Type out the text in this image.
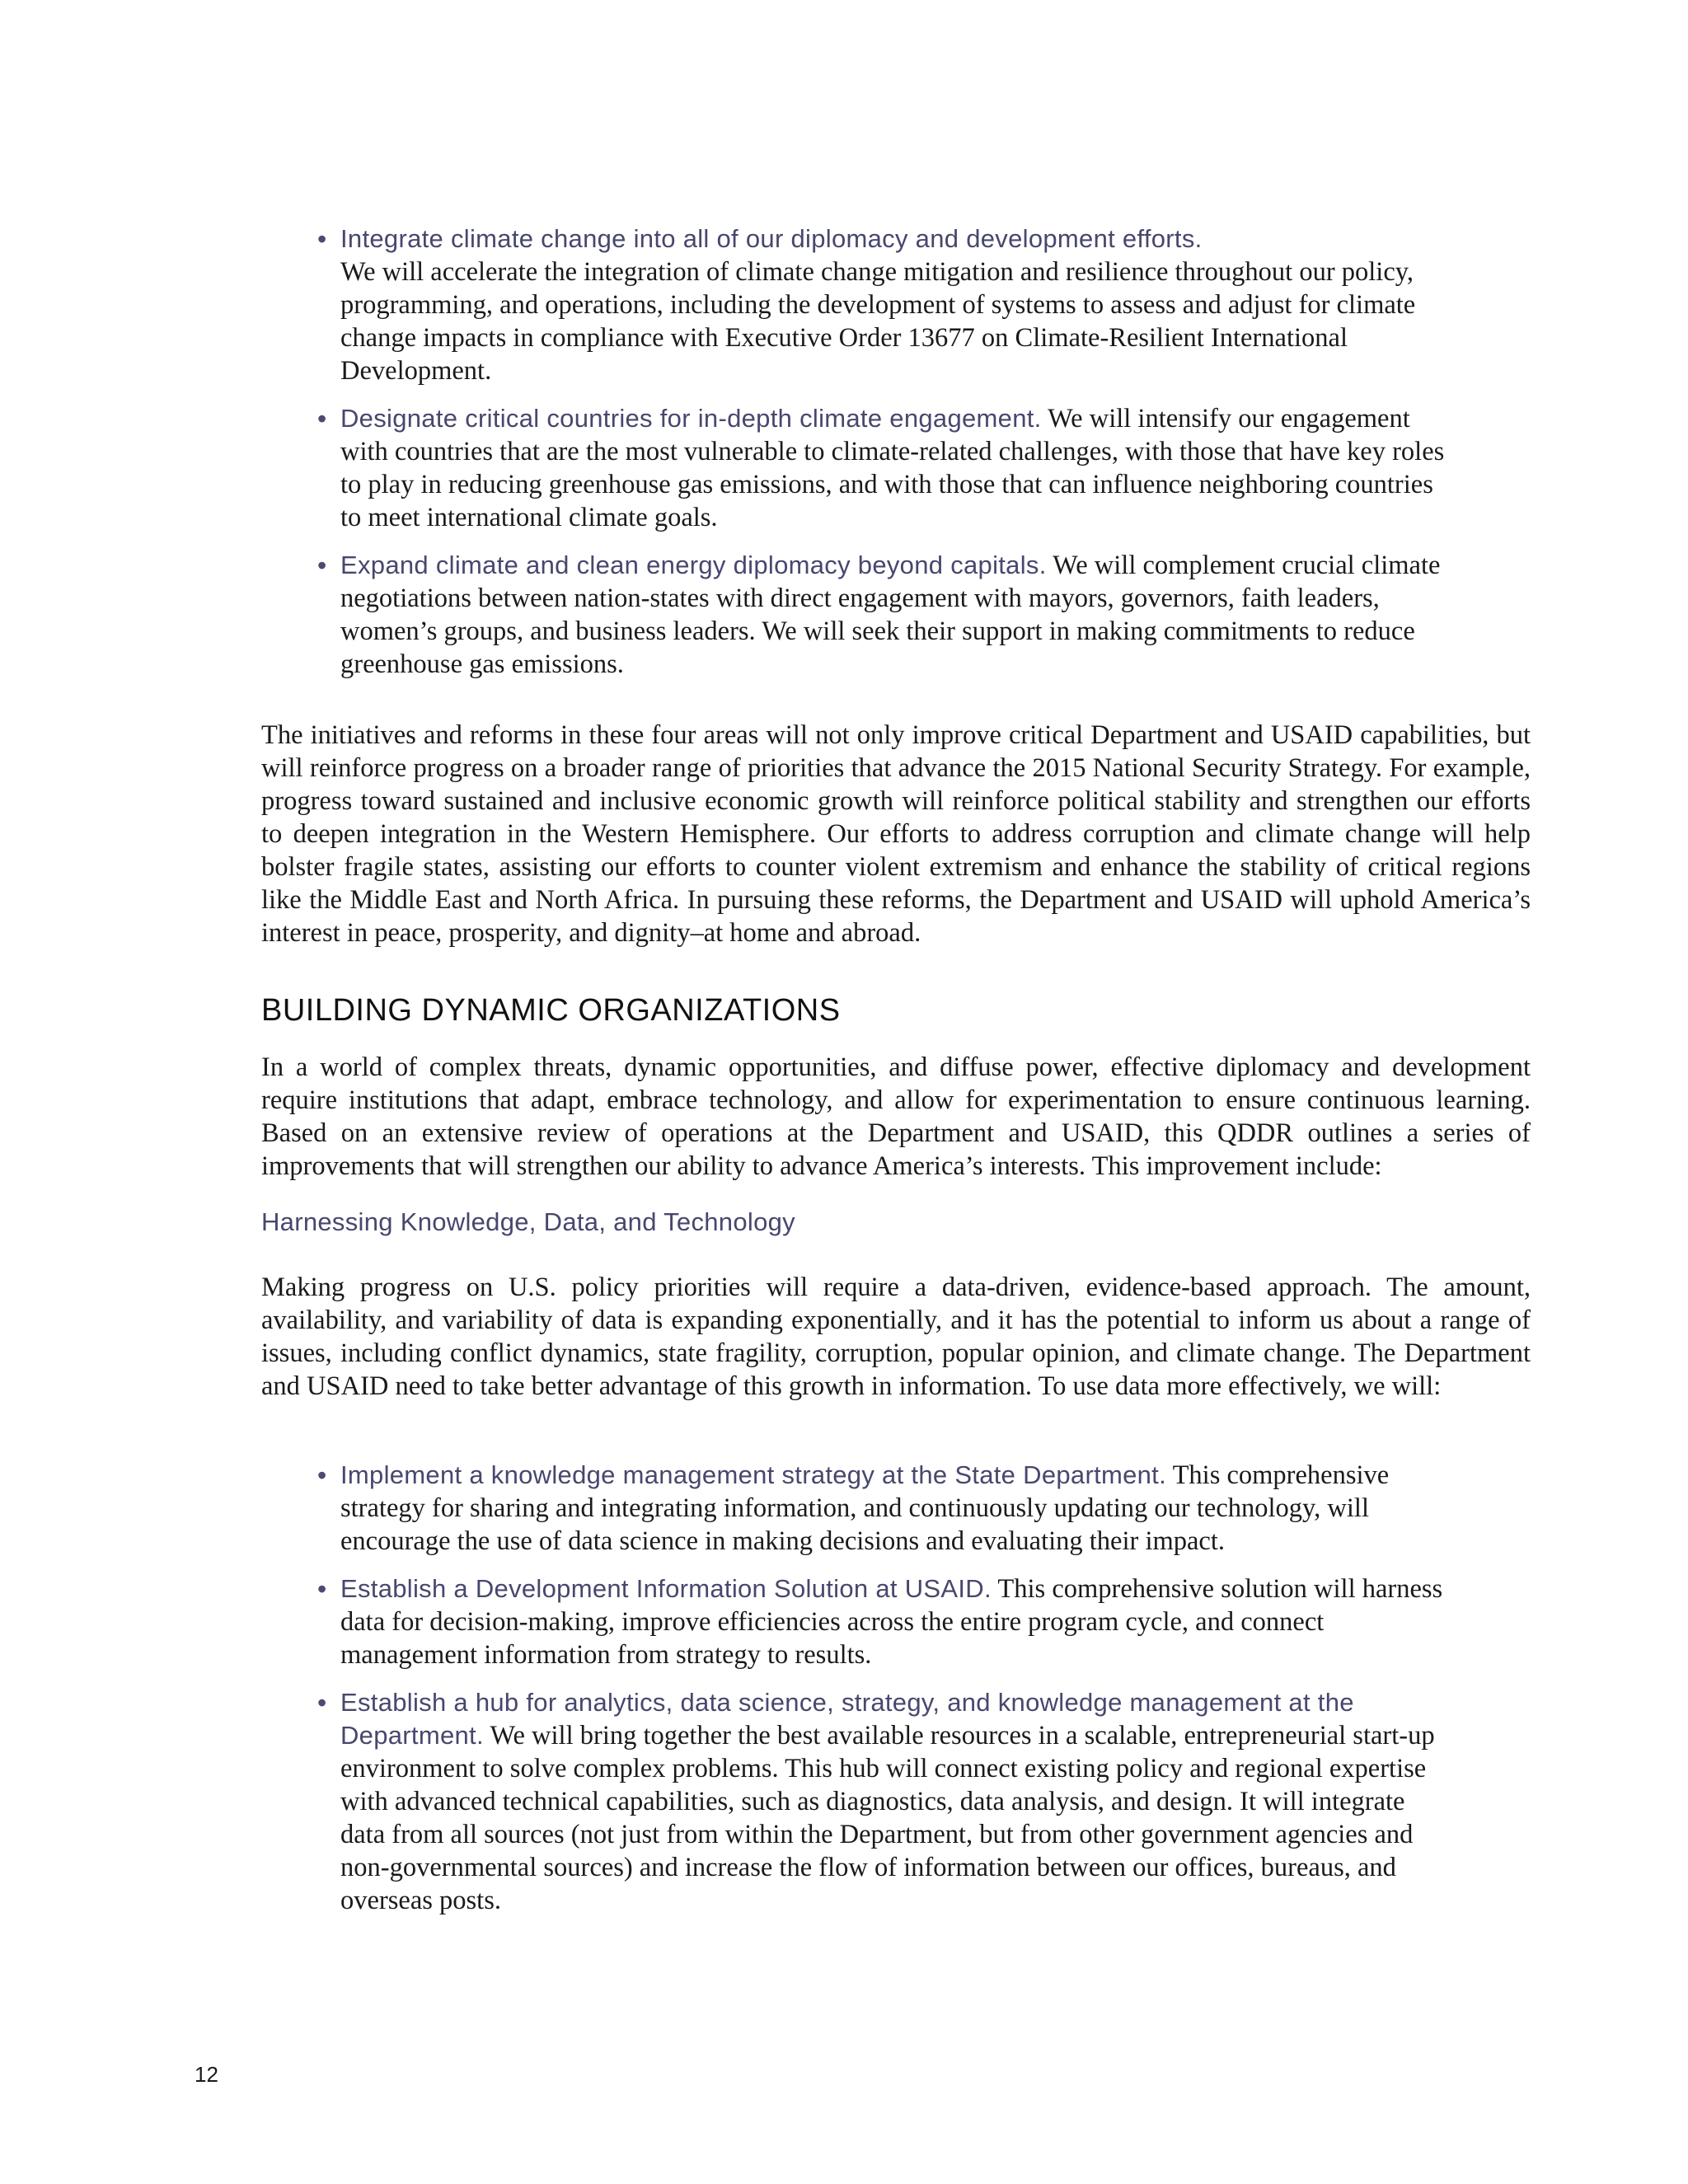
• Integrate climate change into all of our diplomacy and development efforts.
We will accelerate the integration of climate change mitigation and resilience throughout our policy, programming, and operations, including the development of systems to assess and adjust for climate change impacts in compliance with Executive Order 13677 on Climate-Resilient International Development.
• Designate critical countries for in-depth climate engagement. We will intensify our engagement with countries that are the most vulnerable to climate-related challenges, with those that have key roles to play in reducing greenhouse gas emissions, and with those that can influence neighboring countries to meet international climate goals.
• Expand climate and clean energy diplomacy beyond capitals. We will complement crucial climate negotiations between nation-states with direct engagement with mayors, governors, faith leaders, women’s groups, and business leaders. We will seek their support in making commitments to reduce greenhouse gas emissions.

The initiatives and reforms in these four areas will not only improve critical Department and USAID capabilities, but will reinforce progress on a broader range of priorities that advance the 2015 National Security Strategy. For example, progress toward sustained and inclusive economic growth will reinforce political stability and strengthen our efforts to deepen integration in the Western Hemisphere. Our efforts to address corruption and climate change will help bolster fragile states, assisting our efforts to counter violent extremism and enhance the stability of critical regions like the Middle East and North Africa. In pursuing these reforms, the Department and USAID will uphold America’s interest in peace, prosperity, and dignity–at home and abroad.

BUILDING DYNAMIC ORGANIZATIONS

In a world of complex threats, dynamic opportunities, and diffuse power, effective diplomacy and development require institutions that adapt, embrace technology, and allow for experimentation to ensure continuous learning. Based on an extensive review of operations at the Department and USAID, this QDDR outlines a series of improvements that will strengthen our ability to advance America’s interests. This improvement include:

Harnessing Knowledge, Data, and Technology

Making progress on U.S. policy priorities will require a data-driven, evidence-based approach. The amount, availability, and variability of data is expanding exponentially, and it has the potential to inform us about a range of issues, including conflict dynamics, state fragility, corruption, popular opinion, and climate change. The Department and USAID need to take better advantage of this growth in information. To use data more effectively, we will:

• Implement a knowledge management strategy at the State Department. This comprehensive strategy for sharing and integrating information, and continuously updating our technology, will encourage the use of data science in making decisions and evaluating their impact.
• Establish a Development Information Solution at USAID. This comprehensive solution will harness data for decision-making, improve efficiencies across the entire program cycle, and connect management information from strategy to results.
• Establish a hub for analytics, data science, strategy, and knowledge management at the Department. We will bring together the best available resources in a scalable, entrepreneurial start-up environment to solve complex problems. This hub will connect existing policy and regional expertise with advanced technical capabilities, such as diagnostics, data analysis, and design. It will integrate data from all sources (not just from within the Department, but from other government agencies and non-governmental sources) and increase the flow of information between our offices, bureaus, and overseas posts.
12
